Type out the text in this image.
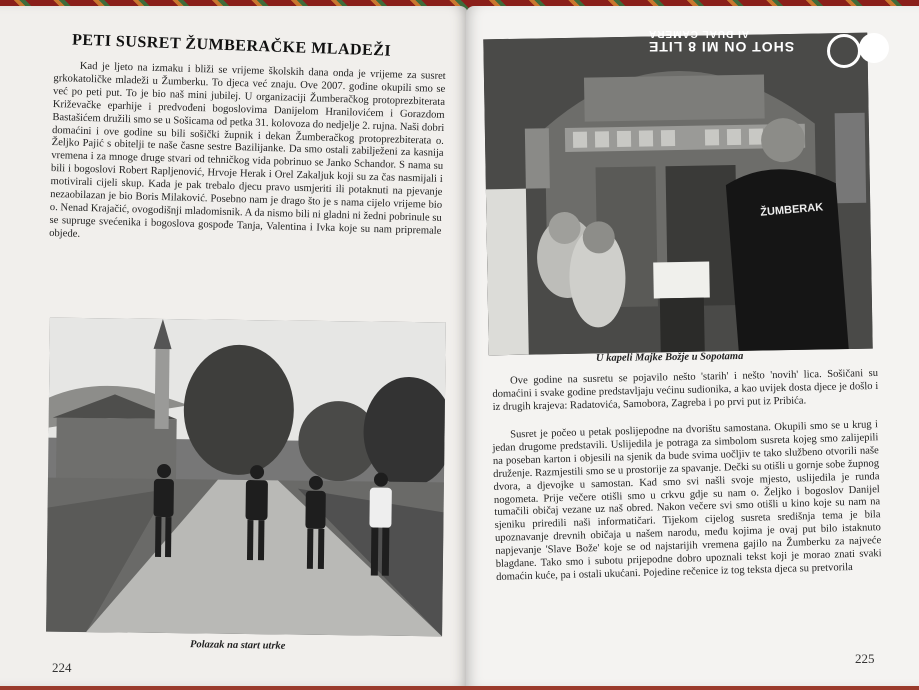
PETI SUSRET ŽUMBERAČKE MLADEŽI

Kad je ljeto na izmaku i bliži se vrijeme školskih dana onda je vrijeme za susret grkokatoličke mladeži u Žumberku. To djeca već znaju. Ove 2007. godine okupili smo se već po peti put. To je bio naš mini jubilej. U organizaciji Žumberačkog protoprezbiterata Križevačke eparhije i predvođeni bogoslovima Danijelom Hranilovićem i Gorazdom Bastašićem družili smo se u Sošicama od petka 31. kolovoza do nedjelje 2. rujna. Naši dobri domaćini i ove godine su bili sošički župnik i dekan Žumberačkog protoprezbiterata o. Željko Pajić s obitelji te naše časne sestre Bazilijanke. Da smo ostali zabilježeni za kasnija vremena i za mnoge druge stvari od tehničkog vida pobrinuo se Janko Schandor. S nama su bili i bogoslovi Robert Rapljenović, Hrvoje Herak i Orel Zakaljuk koji su za čas nasmijali i motivirali cijeli skup. Kada je pak trebalo djecu pravo usmjeriti ili potaknuti na pjevanje nezaobilazan je bio Boris Milaković. Posebno nam je drago što je s nama cijelo vrijeme bio o. Nenad Krajačić, ovogodišnji mladomisnik. A da nismo bili ni gladni ni žedni pobrinule su se supruge svećenika i bogoslova gospođe Tanja, Valentina i Ivka koje su nam pripremale objede.

Polazak na start utrke
224
ŽUMBERAK
U kapeli Majke Božje u Sopotama

Ove godine na susretu se pojavilo nešto 'starih' i nešto 'novih' lica. Sošičani su domaćini i svake godine predstavljaju većinu sudionika, a kao uvijek dosta djece je došlo i iz drugih krajeva: Radatovića, Samobora, Zagreba i po prvi put iz Pribića.

Susret je počeo u petak poslijepodne na dvorištu samostana. Okupili smo se u krug i jedan drugome predstavili. Uslijedila je potraga za simbolom susreta kojeg smo zalijepili na poseban karton i objesili na sjenik da bude svima uočljiv te tako službeno otvorili naše druženje. Razmjestili smo se u prostorije za spavanje. Dečki su otišli u gornje sobe župnog dvora, a djevojke u samostan. Kad smo svi našli svoje mjesto, uslijedila je runda nogometa. Prije večere otišli smo u crkvu gdje su nam o. Željko i bogoslov Danijel tumačili običaj vezane uz naš obred. Nakon večere svi smo otišli u kino koje su nam na sjeniku priredili naši informatičari. Tijekom cijelog susreta središnja tema je bila upoznavanje drevnih običaja u našem narodu, među kojima je ovaj put bilo istaknuto napjevanje 'Slave Bože' koje se od najstarijih vremena gajilo na Žumberku za najveće blagdane. Tako smo i subotu prijepodne dobro upoznali tekst koji je morao znati svaki domaćin kuće, pa i ostali ukućani. Pojedine rečenice iz tog teksta djeca su pretvorila

225
SHOT ON MI 8 LITE
AI DUAL CAMERA
